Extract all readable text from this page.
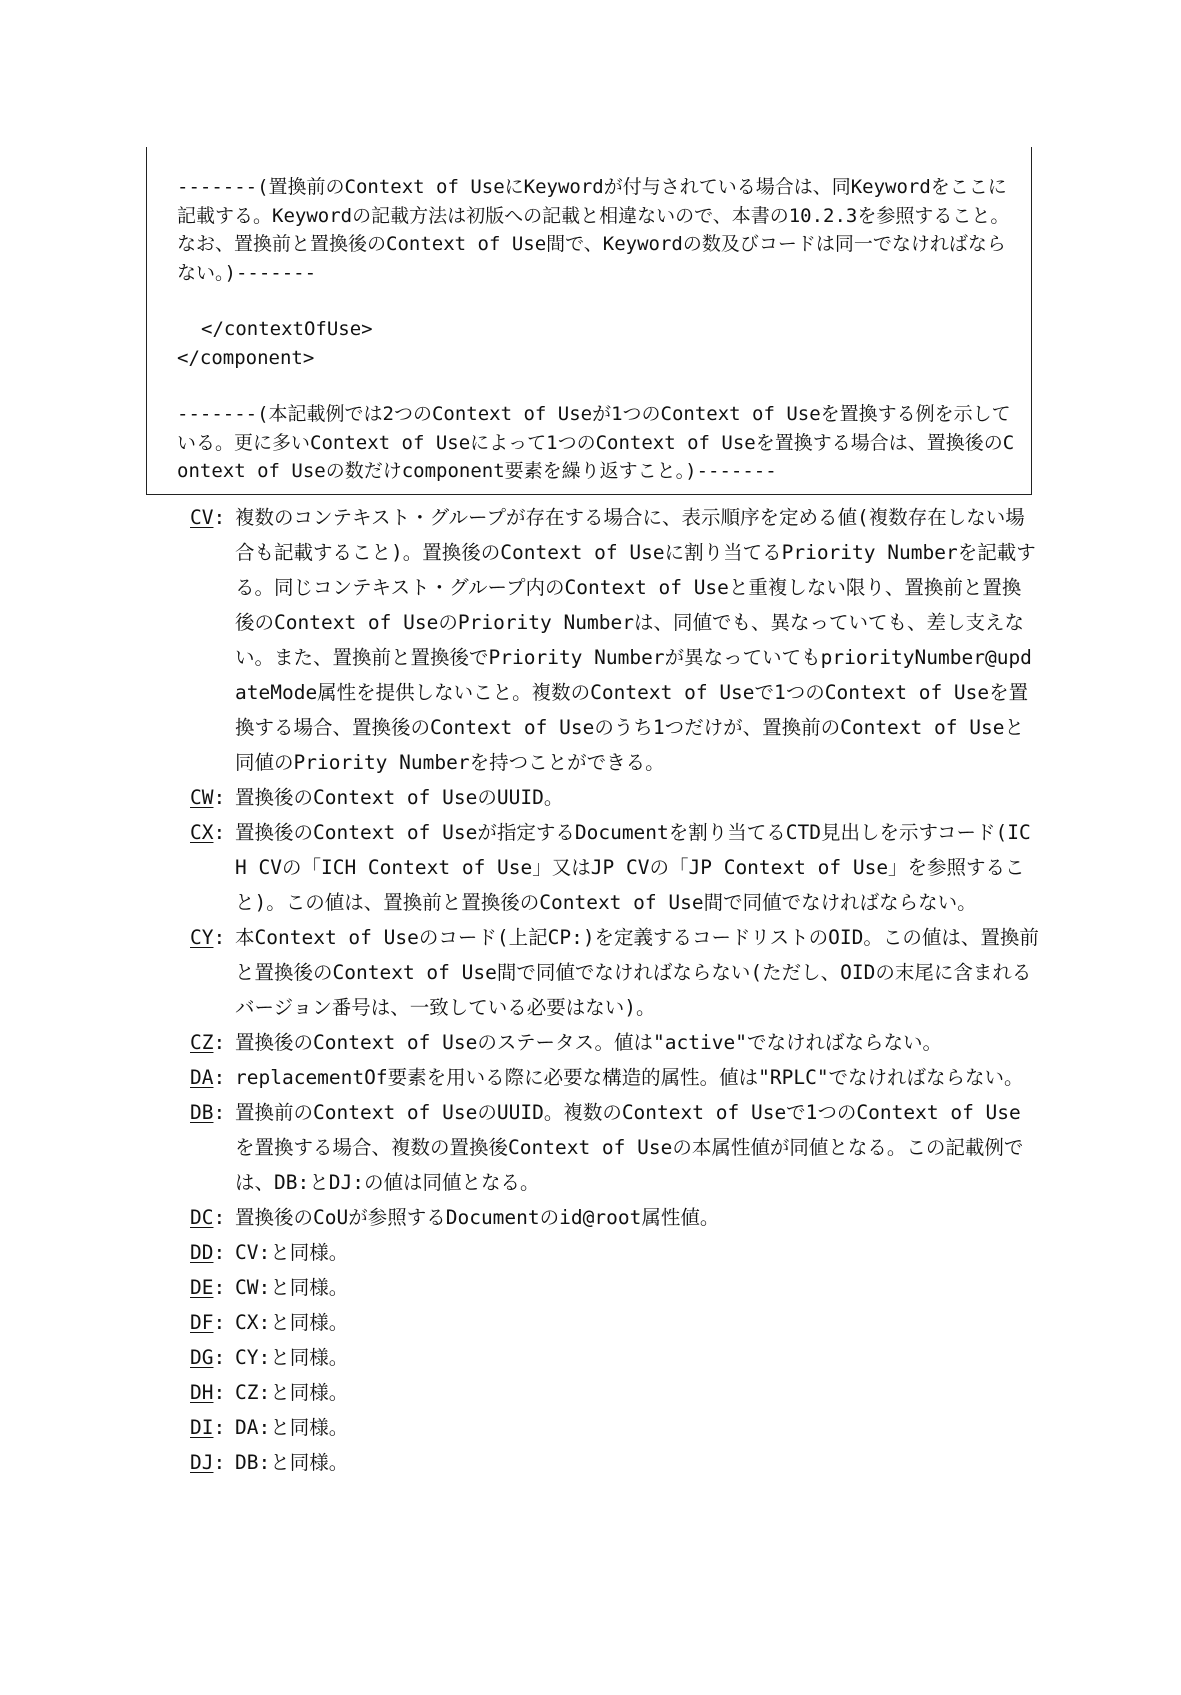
-------(置換前のContext of UseにKeywordが付与されている場合は、同Keywordをここに記載する。Keywordの記載方法は初版への記載と相違ないので、本書の10.2.3を参照すること。なお、置換前と置換後のContext of Use間で、Keywordの数及びコードは同一でなければならない。)-------

</contextOfUse>

</component>

-------(本記載例では2つのContext of Useが1つのContext of Useを置換する例を示している。更に多いContext of Useによって1つのContext of Useを置換する場合は、置換後のContext of Useの数だけcomponent要素を繰り返すこと。)-------

CV: 複数のコンテキスト・グループが存在する場合に、表示順序を定める値(複数存在しない場合も記載すること)。置換後のContext of Useに割り当てるPriority Numberを記載する。同じコンテキスト・グループ内のContext of Useと重複しない限り、置換前と置換後のContext of UseのPriority Numberは、同値でも、異なっていても、差し支えない。また、置換前と置換後でPriority Numberが異なっていてもpriorityNumber@updateMode属性を提供しないこと。複数のContext of Useで1つのContext of Useを置換する場合、置換後のContext of Useのうち1つだけが、置換前のContext of Useと同値のPriority Numberを持つことができる。
CW: 置換後のContext of UseのUUID。
CX: 置換後のContext of Useが指定するDocumentを割り当てるCTD見出しを示すコード(ICH CVの「ICH Context of Use」又はJP CVの「JP Context of Use」を参照すること)。この値は、置換前と置換後のContext of Use間で同値でなければならない。
CY: 本Context of Useのコード(上記CP:)を定義するコードリストのOID。この値は、置換前と置換後のContext of Use間で同値でなければならない(ただし、OIDの末尾に含まれるバージョン番号は、一致している必要はない)。
CZ: 置換後のContext of Useのステータス。値は"active"でなければならない。
DA: replacementOf要素を用いる際に必要な構造的属性。値は"RPLC"でなければならない。
DB: 置換前のContext of UseのUUID。複数のContext of Useで1つのContext of Useを置換する場合、複数の置換後Context of Useの本属性値が同値となる。この記載例では、DB:とDJ:の値は同値となる。
DC: 置換後のCoUが参照するDocumentのid@root属性値。
DD: CV:と同様。
DE: CW:と同様。
DF: CX:と同様。
DG: CY:と同様。
DH: CZ:と同様。
DI: DA:と同様。
DJ: DB:と同様。
